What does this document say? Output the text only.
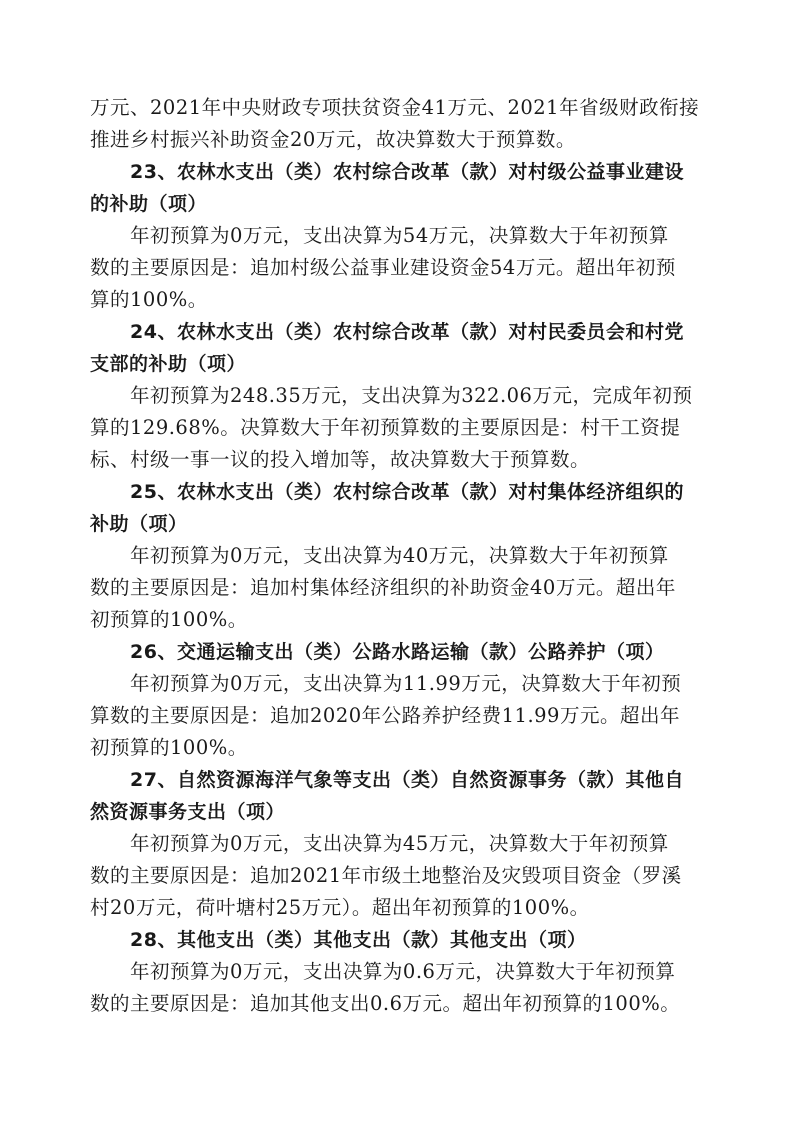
万元、2021年中央财政专项扶贫资金41万元、2021年省级财政衔接
推进乡村振兴补助资金20万元，故决算数大于预算数。
23、农林水支出（类）农村综合改革（款）对村级公益事业建设
的补助（项）
年初预算为0万元，支出决算为54万元，决算数大于年初预算
数的主要原因是：追加村级公益事业建设资金54万元。超出年初预
算的100%。
24、农林水支出（类）农村综合改革（款）对村民委员会和村党
支部的补助（项）
年初预算为248.35万元，支出决算为322.06万元，完成年初预
算的129.68%。决算数大于年初预算数的主要原因是：村干工资提
标、村级一事一议的投入增加等，故决算数大于预算数。
25、农林水支出（类）农村综合改革（款）对村集体经济组织的
补助（项）
年初预算为0万元，支出决算为40万元，决算数大于年初预算
数的主要原因是：追加村集体经济组织的补助资金40万元。超出年
初预算的100%。
26、交通运输支出（类）公路水路运输（款）公路养护（项）
年初预算为0万元，支出决算为11.99万元，决算数大于年初预
算数的主要原因是：追加2020年公路养护经费11.99万元。超出年
初预算的100%。
27、自然资源海洋气象等支出（类）自然资源事务（款）其他自
然资源事务支出（项）
年初预算为0万元，支出决算为45万元，决算数大于年初预算
数的主要原因是：追加2021年市级土地整治及灾毁项目资金（罗溪
村20万元，荷叶塘村25万元）。超出年初预算的100%。
28、其他支出（类）其他支出（款）其他支出（项）
年初预算为0万元，支出决算为0.6万元，决算数大于年初预算
数的主要原因是：追加其他支出0.6万元。超出年初预算的100%。
